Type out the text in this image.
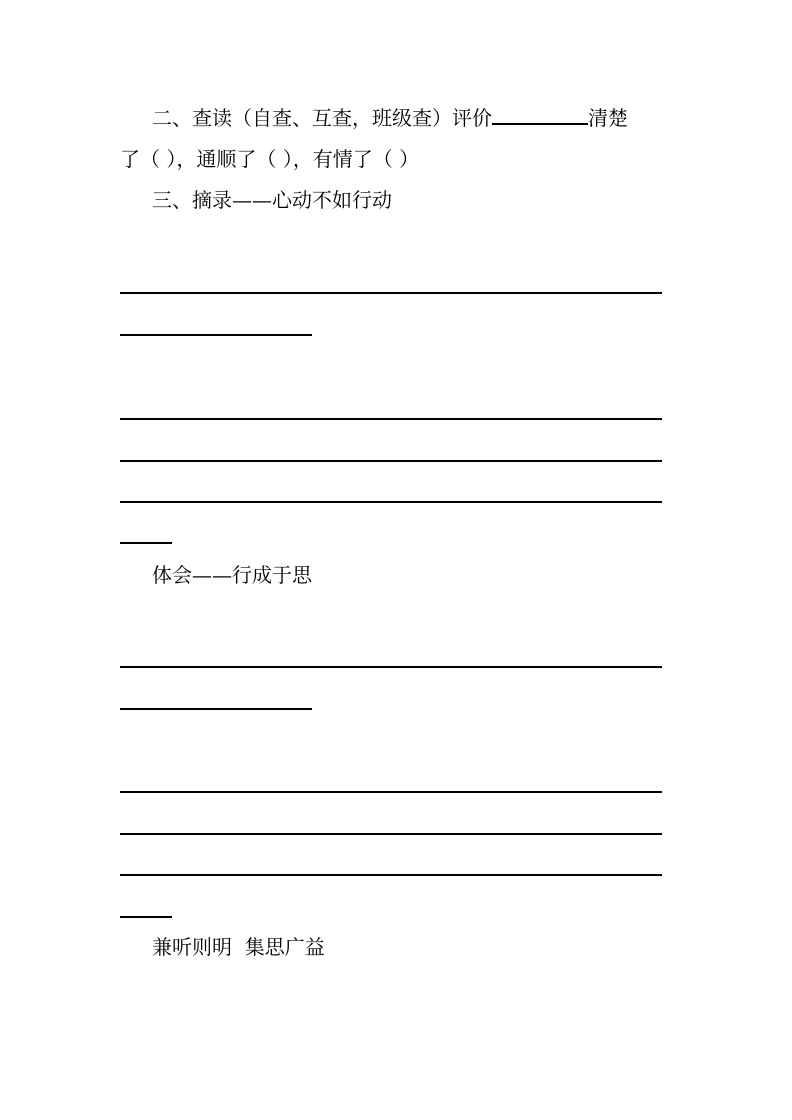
二、查读（自查、互查，班级查）评价	清楚
了（ ），通顺了（ ），有情了（ ）
三、摘录——心动不如行动
体会——行成于思
兼听则明  集思广益
